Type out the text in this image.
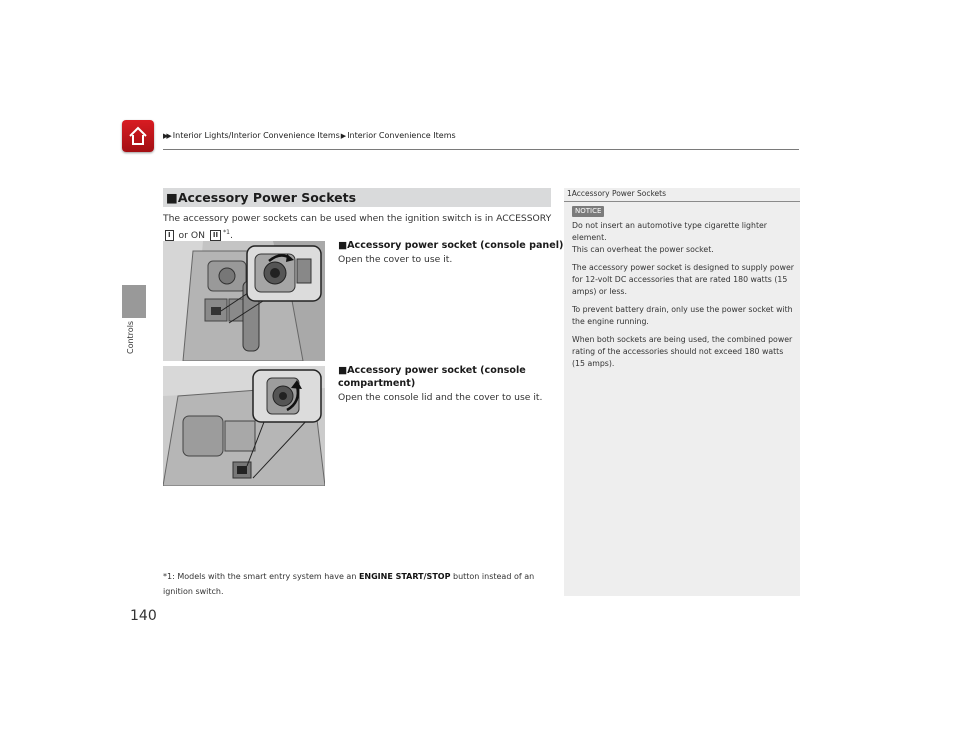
▶▶ Interior Lights/Interior Convenience Items▶Interior Convenience Items
Controls
140
■Accessory Power Sockets
The accessory power sockets can be used when the ignition switch is in ACCESSORY
I or ON II $^{*1}$.
■Accessory power socket (console panel)
Open the cover to use it.
■Accessory power socket (console compartment)
Open the console lid and the cover to use it.
*1: Models with the smart entry system have an ENGINE START/STOP button instead of an ignition switch.
1Accessory Power Sockets
NOTICE

Do not insert an automotive type cigarette lighter element.
This can overheat the power socket.

The accessory power socket is designed to supply power for 12-volt DC accessories that are rated 180 watts (15 amps) or less.

To prevent battery drain, only use the power socket with the engine running.

When both sockets are being used, the combined power rating of the accessories should not exceed 180 watts (15 amps).
